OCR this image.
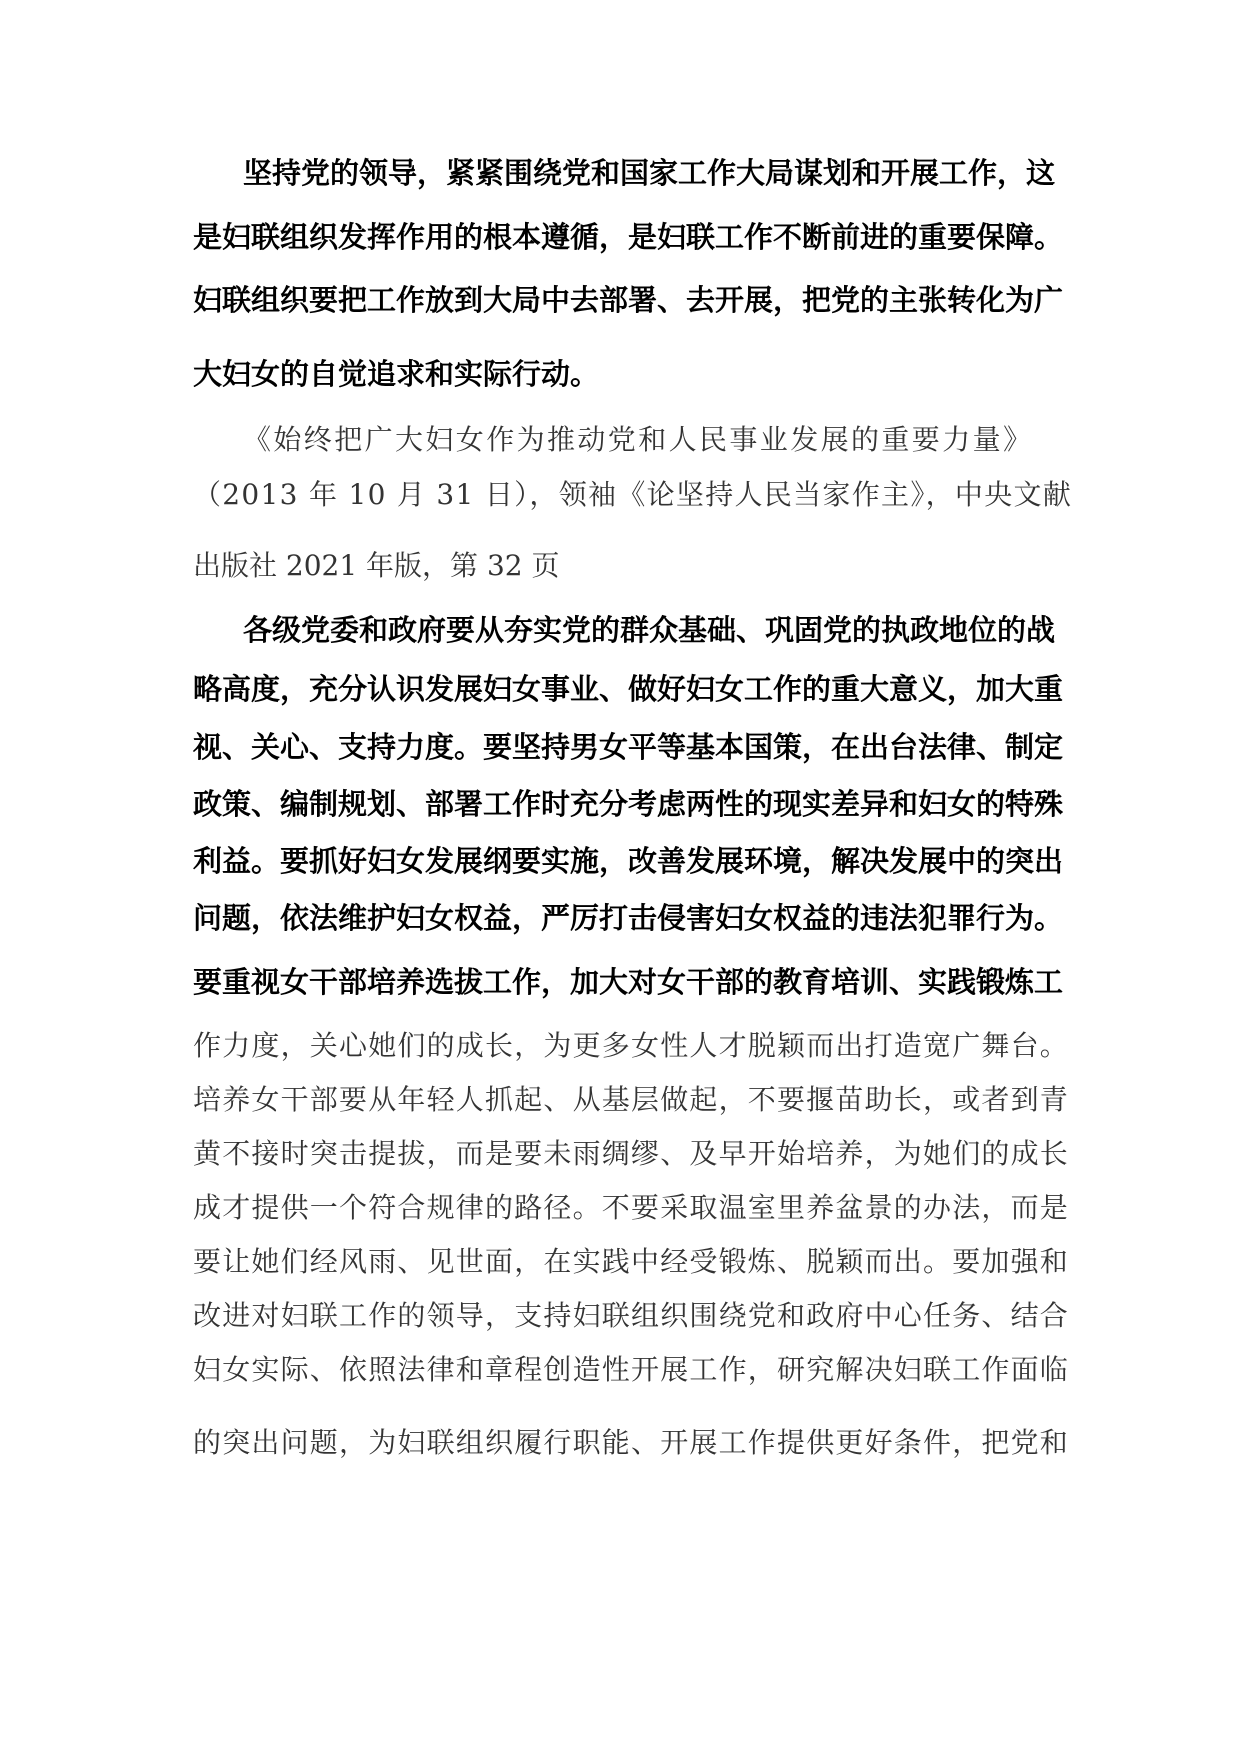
坚持党的领导，紧紧围绕党和国家工作大局谋划和开展工作，这
是妇联组织发挥作用的根本遵循，是妇联工作不断前进的重要保障。
妇联组织要把工作放到大局中去部署、去开展，把党的主张转化为广
大妇女的自觉追求和实际行动。
《始终把广大妇女作为推动党和人民事业发展的重要力量》
（2013 年 10 月 31 日），领袖《论坚持人民当家作主》，中央文献
出版社 2021 年版，第 32 页
各级党委和政府要从夯实党的群众基础、巩固党的执政地位的战
略高度，充分认识发展妇女事业、做好妇女工作的重大意义，加大重
视、关心、支持力度。要坚持男女平等基本国策，在出台法律、制定
政策、编制规划、部署工作时充分考虑两性的现实差异和妇女的特殊
利益。要抓好妇女发展纲要实施，改善发展环境，解决发展中的突出
问题，依法维护妇女权益，严厉打击侵害妇女权益的违法犯罪行为。
要重视女干部培养选拔工作，加大对女干部的教育培训、实践锻炼工
作力度，关心她们的成长，为更多女性人才脱颖而出打造宽广舞台。
培养女干部要从年轻人抓起、从基层做起，不要揠苗助长，或者到青
黄不接时突击提拔，而是要未雨绸缪、及早开始培养，为她们的成长
成才提供一个符合规律的路径。不要采取温室里养盆景的办法，而是
要让她们经风雨、见世面，在实践中经受锻炼、脱颖而出。要加强和
改进对妇联工作的领导，支持妇联组织围绕党和政府中心任务、结合
妇女实际、依照法律和章程创造性开展工作，研究解决妇联工作面临
的突出问题，为妇联组织履行职能、开展工作提供更好条件，把党和
